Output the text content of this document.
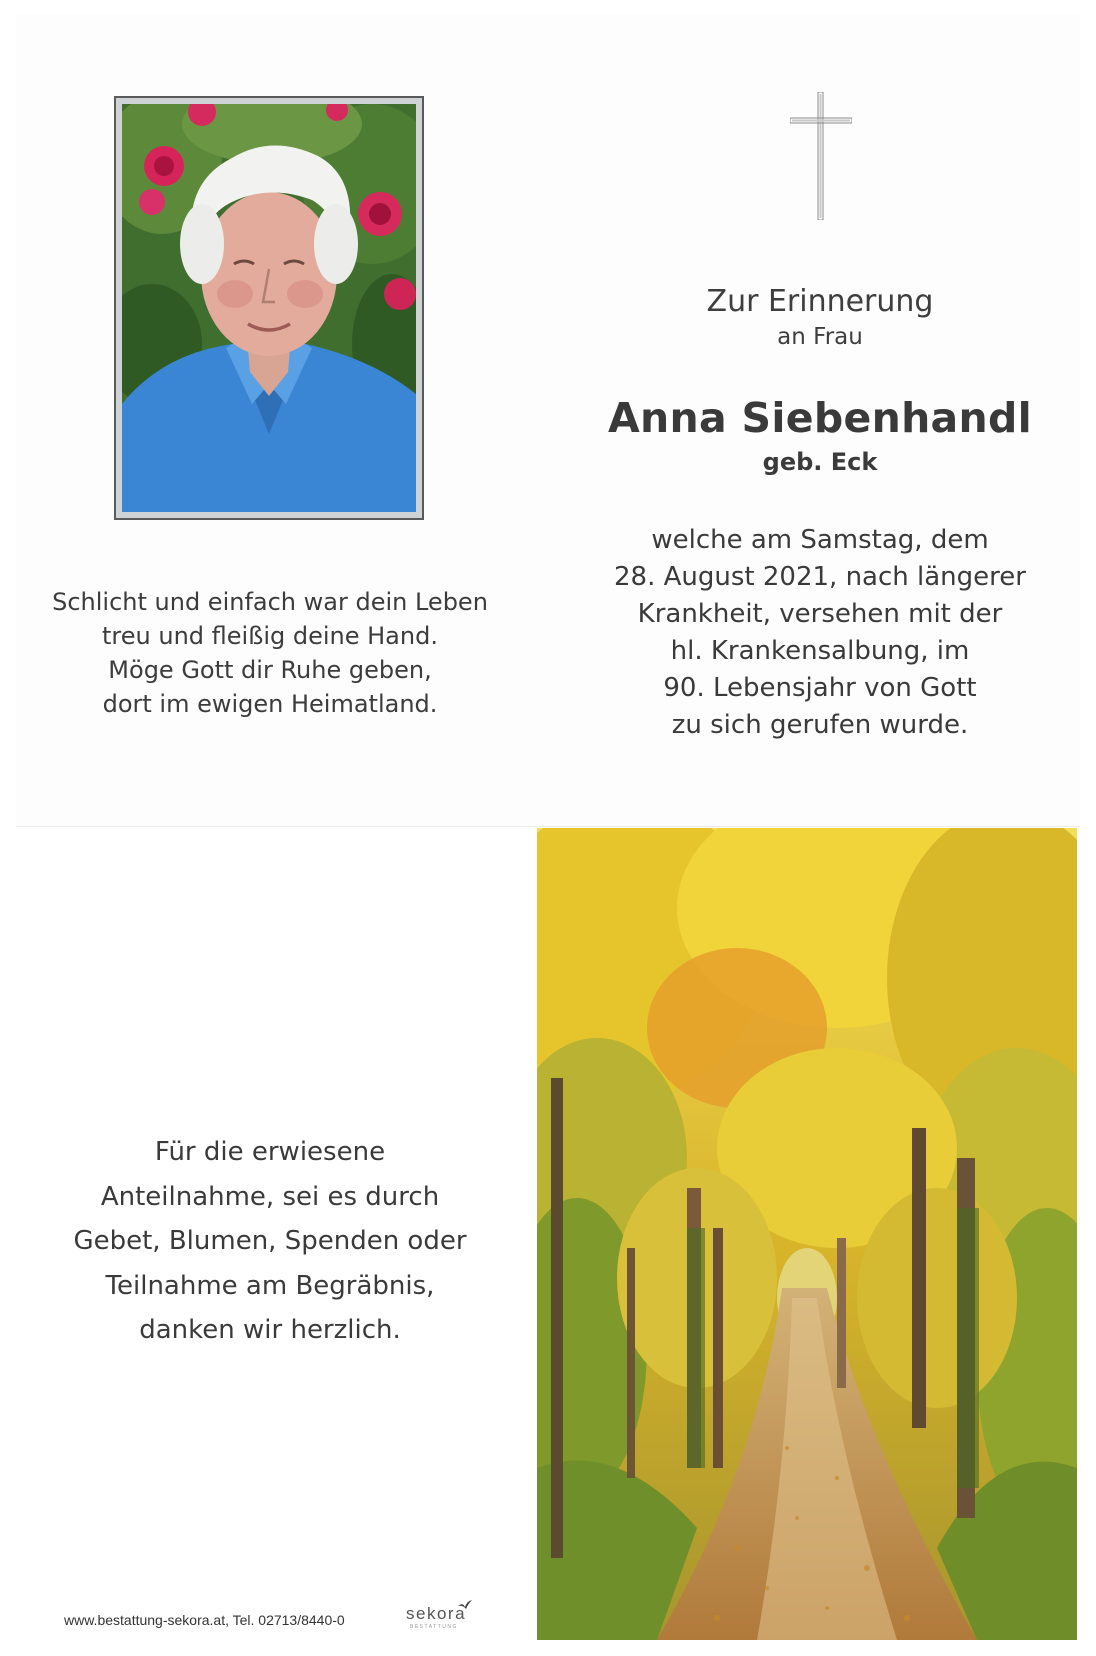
Schlicht und einfach war dein Leben
treu und fleißig deine Hand.
Möge Gott dir Ruhe geben,
dort im ewigen Heimatland.
Zur Erinnerung
an Frau
Anna Siebenhandl
geb. Eck
welche am Samstag, dem
28. August 2021, nach längerer
Krankheit, versehen mit der
hl. Krankensalbung, im
90. Lebensjahr von Gott
zu sich gerufen wurde.
Für die erwiesene
Anteilnahme, sei es durch
Gebet, Blumen, Spenden oder
Teilnahme am Begräbnis,
danken wir herzlich.
www.bestattung-sekora.at, Tel. 02713/8440-0	sekora
BESTATTUNG
